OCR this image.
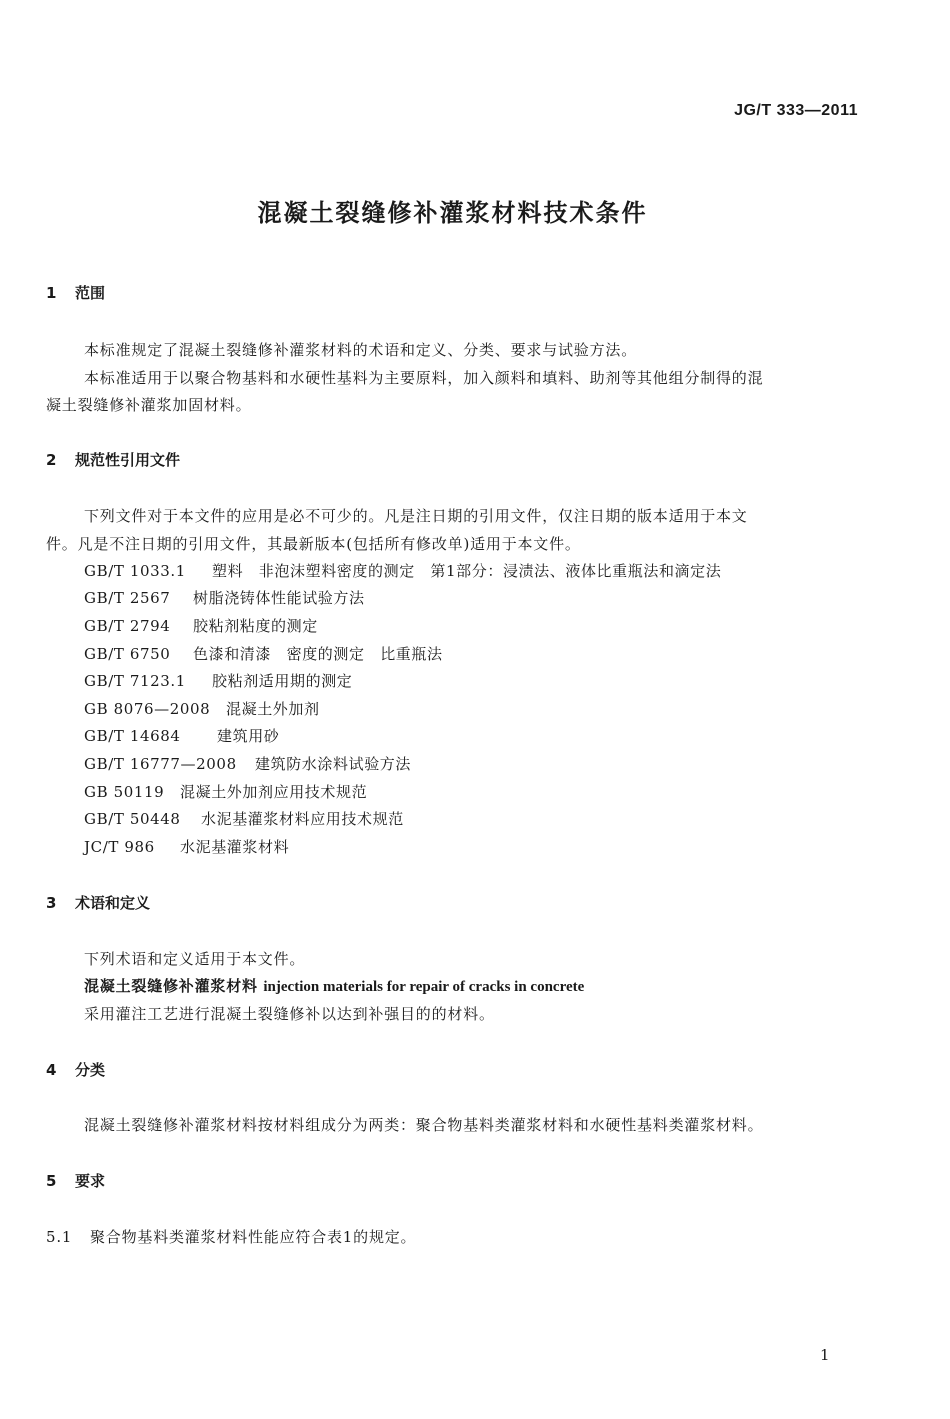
JG/T 333—2011
混凝土裂缝修补灌浆材料技术条件
1 范围
本标准规定了混凝土裂缝修补灌浆材料的术语和定义、分类、要求与试验方法。
本标准适用于以聚合物基料和水硬性基料为主要原料，加入颜料和填料、助剂等其他组分制得的混
凝土裂缝修补灌浆加固材料。
2 规范性引用文件
下列文件对于本文件的应用是必不可少的。凡是注日期的引用文件，仅注日期的版本适用于本文
件。凡是不注日期的引用文件，其最新版本(包括所有修改单)适用于本文件。
GB/T 1033.1 塑料　非泡沫塑料密度的测定　第1部分：浸渍法、液体比重瓶法和滴定法
GB/T 2567 树脂浇铸体性能试验方法
GB/T 2794 胶粘剂粘度的测定
GB/T 6750 色漆和清漆　密度的测定　比重瓶法
GB/T 7123.1 胶粘剂适用期的测定
GB 8076—2008 混凝土外加剂
GB/T 14684 建筑用砂
GB/T 16777—2008 建筑防水涂料试验方法
GB 50119 混凝土外加剂应用技术规范
GB/T 50448 水泥基灌浆材料应用技术规范
JC/T 986 水泥基灌浆材料
3 术语和定义
下列术语和定义适用于本文件。
混凝土裂缝修补灌浆材料 injection materials for repair of cracks in concrete
采用灌注工艺进行混凝土裂缝修补以达到补强目的的材料。
4 分类
混凝土裂缝修补灌浆材料按材料组成分为两类：聚合物基料类灌浆材料和水硬性基料类灌浆材料。
5 要求
5.1 聚合物基料类灌浆材料性能应符合表1的规定。
1
